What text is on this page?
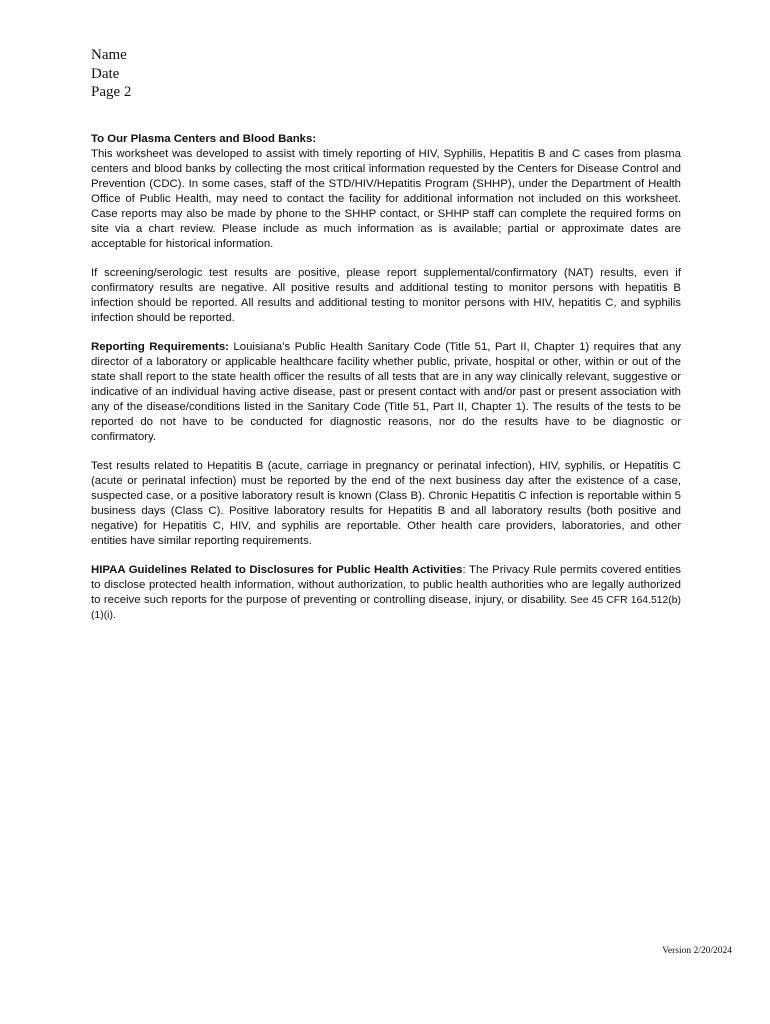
Name
Date
Page 2

To Our Plasma Centers and Blood Banks:
This worksheet was developed to assist with timely reporting of HIV, Syphilis, Hepatitis B and C cases from plasma centers and blood banks by collecting the most critical information requested by the Centers for Disease Control and Prevention (CDC). In some cases, staff of the STD/HIV/Hepatitis Program (SHHP), under the Department of Health Office of Public Health, may need to contact the facility for additional information not included on this worksheet. Case reports may also be made by phone to the SHHP contact, or SHHP staff can complete the required forms on site via a chart review. Please include as much information as is available; partial or approximate dates are acceptable for historical information.

If screening/serologic test results are positive, please report supplemental/confirmatory (NAT) results, even if confirmatory results are negative. All positive results and additional testing to monitor persons with hepatitis B infection should be reported. All results and additional testing to monitor persons with HIV, hepatitis C, and syphilis infection should be reported.

Reporting Requirements: Louisiana’s Public Health Sanitary Code (Title 51, Part II, Chapter 1) requires that any director of a laboratory or applicable healthcare facility whether public, private, hospital or other, within or out of the state shall report to the state health officer the results of all tests that are in any way clinically relevant, suggestive or indicative of an individual having active disease, past or present contact with and/or past or present association with any of the disease/conditions listed in the Sanitary Code (Title 51, Part II, Chapter 1). The results of the tests to be reported do not have to be conducted for diagnostic reasons, nor do the results have to be diagnostic or confirmatory.

Test results related to Hepatitis B (acute, carriage in pregnancy or perinatal infection), HIV, syphilis, or Hepatitis C (acute or perinatal infection) must be reported by the end of the next business day after the existence of a case, suspected case, or a positive laboratory result is known (Class B). Chronic Hepatitis C infection is reportable within 5 business days (Class C). Positive laboratory results for Hepatitis B and all laboratory results (both positive and negative) for Hepatitis C, HIV, and syphilis are reportable. Other health care providers, laboratories, and other entities have similar reporting requirements.

HIPAA Guidelines Related to Disclosures for Public Health Activities: The Privacy Rule permits covered entities to disclose protected health information, without authorization, to public health authorities who are legally authorized to receive such reports for the purpose of preventing or controlling disease, injury, or disability. See 45 CFR 164.512(b)(1)(i).

Version 2/20/2024
